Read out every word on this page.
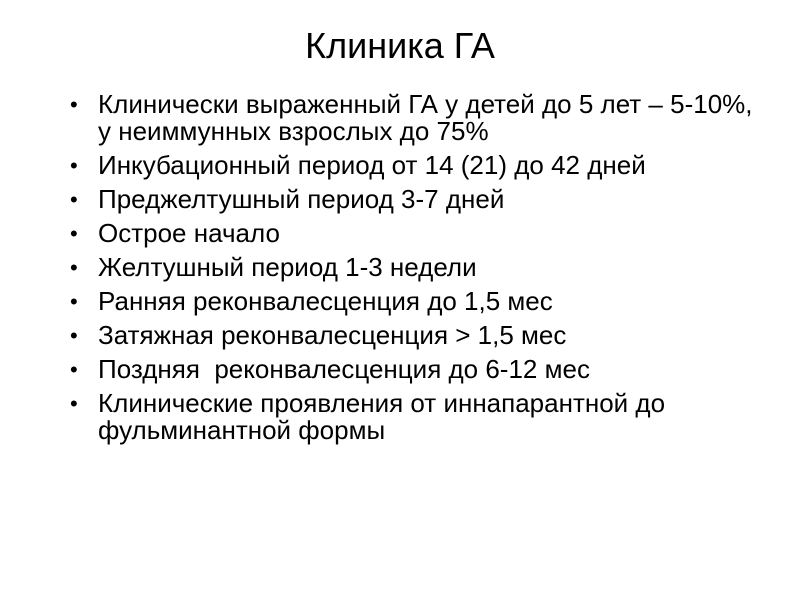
Клиника ГА
• Клинически выраженный ГА у детей до 5 лет – 5-10%, у неиммунных взрослых до 75%
• Инкубационный период от 14 (21) до 42 дней
• Преджелтушный период 3-7 дней
• Острое начало
• Желтушный период 1-3 недели
• Ранняя реконвалесценция до 1,5 мес
• Затяжная реконвалесценция > 1,5 мес
• Поздняя  реконвалесценция до 6-12 мес
• Клинические проявления от иннапарантной до фульминантной формы
